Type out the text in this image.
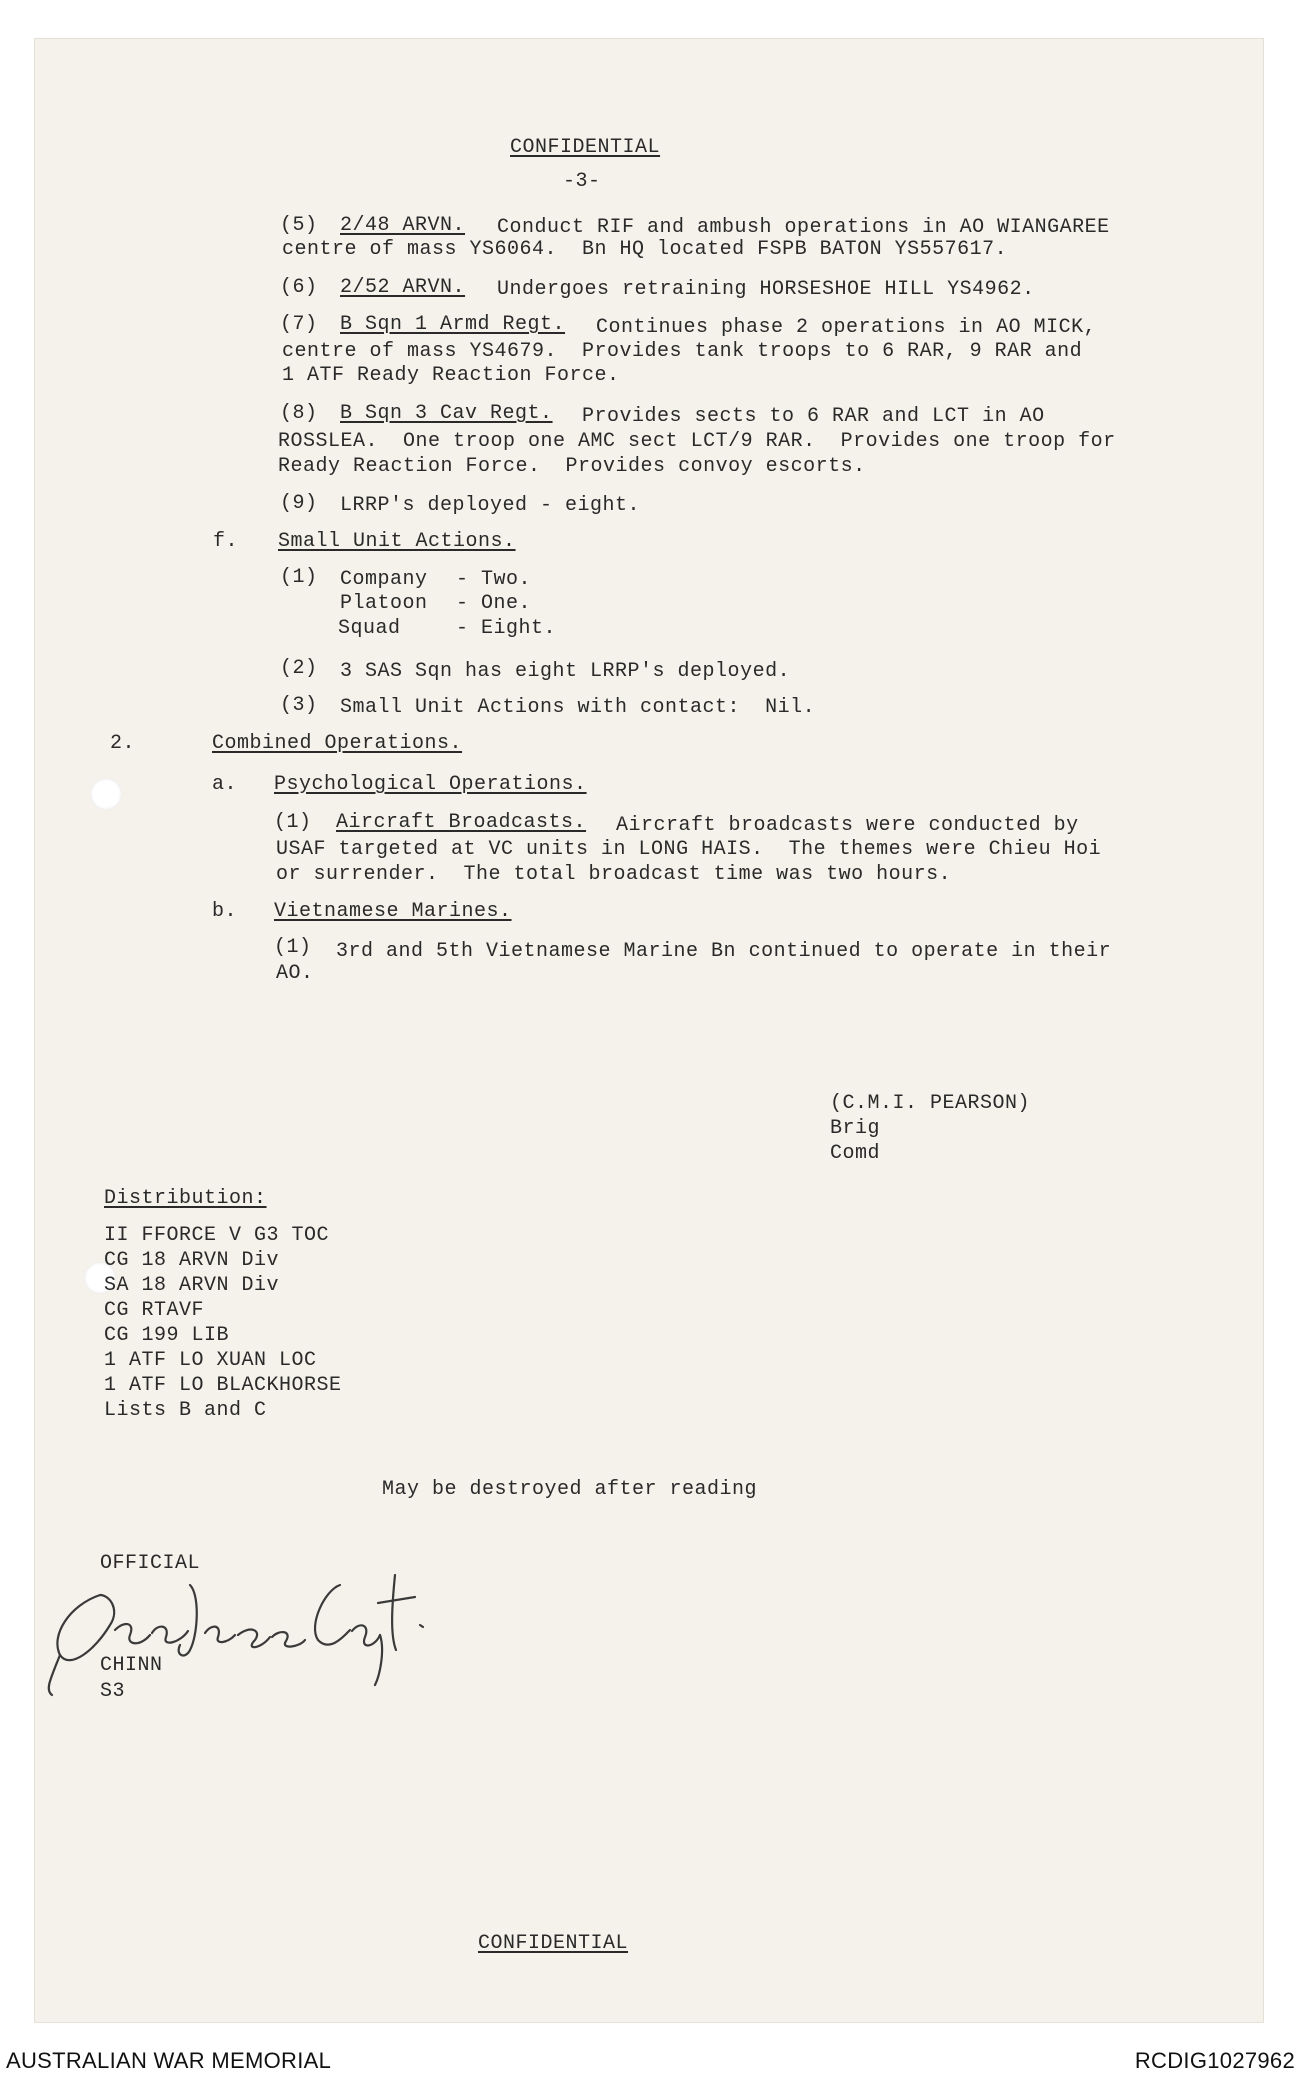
CONFIDENTIAL
-3-
(5) 2/48 ARVN. Conduct RIF and ambush operations in AO WIANGAREE
centre of mass YS6064.  Bn HQ located FSPB BATON YS557617.
(6) 2/52 ARVN. Undergoes retraining HORSESHOE HILL YS4962.
(7) B Sqn 1 Armd Regt. Continues phase 2 operations in AO MICK,
centre of mass YS4679.  Provides tank troops to 6 RAR, 9 RAR and
1 ATF Ready Reaction Force.
(8) B Sqn 3 Cav Regt. Provides sects to 6 RAR and LCT in AO
ROSSLEA.  One troop one AMC sect LCT/9 RAR.  Provides one troop for
Ready Reaction Force.  Provides convoy escorts.
(9) LRRP's deployed - eight.
f. Small Unit Actions.
(1) Company - Two.
Platoon - One.
Squad	- Eight.
(2) 3 SAS Sqn has eight LRRP's deployed.
(3) Small Unit Actions with contact:  Nil.
2.	Combined Operations.
a. Psychological Operations.
(1) Aircraft Broadcasts. Aircraft broadcasts were conducted by
USAF targeted at VC units in LONG HAIS.  The themes were Chieu Hoi
or surrender.  The total broadcast time was two hours.
b. Vietnamese Marines.
(1) 3rd and 5th Vietnamese Marine Bn continued to operate in their
AO.
(C.M.I. PEARSON)
Brig
Comd
Distribution:
II FFORCE V G3 TOC
CG 18 ARVN Div
SA 18 ARVN Div
CG RTAVF
CG 199 LIB
1 ATF LO XUAN LOC
1 ATF LO BLACKHORSE
Lists B and C
May be destroyed after reading
OFFICIAL
CHINN
S3
CONFIDENTIAL
AUSTRALIAN WAR MEMORIAL	RCDIG1027962
